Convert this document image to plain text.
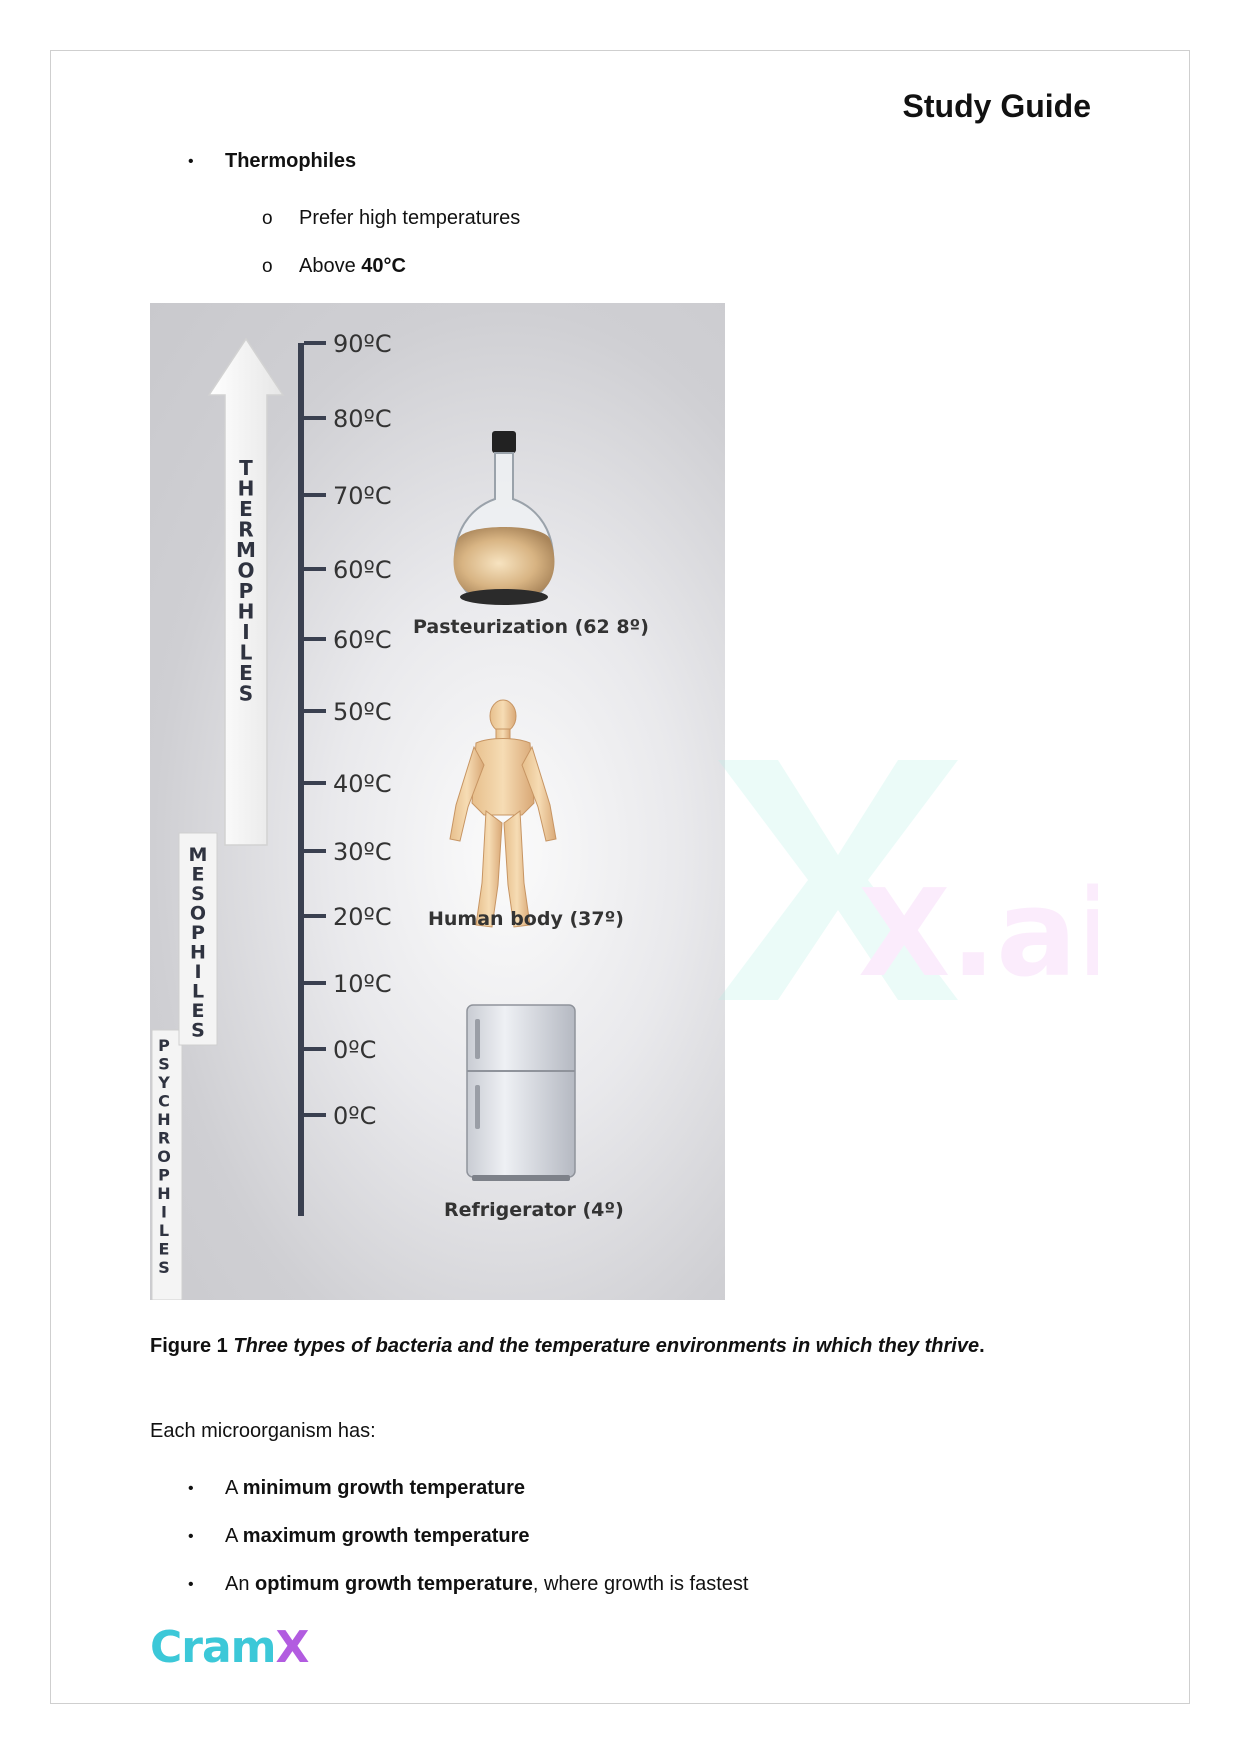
Study Guide
•	Thermophiles
o	Prefer high temperatures
o	Above 40°C
P
S
Y
C
H
R
O
P
H
I
L
E
S
M
E
S
O
P
H
I
L
E
S
T
H
E
R
M
O
P
H
I
L
E
S
90ºC
80ºC
70ºC
60ºC
60ºC
50ºC
40ºC
30ºC
20ºC
10ºC
0ºC
0ºC
Pasteurization (62 8º)
Human body (37º)
Refrigerator (4º)
X.ai
Figure 1 Three types of bacteria and the temperature environments in which they thrive.
Each microorganism has:
•	A minimum growth temperature
•	A maximum growth temperature
•	An optimum growth temperature , where growth is fastest
Cram X
